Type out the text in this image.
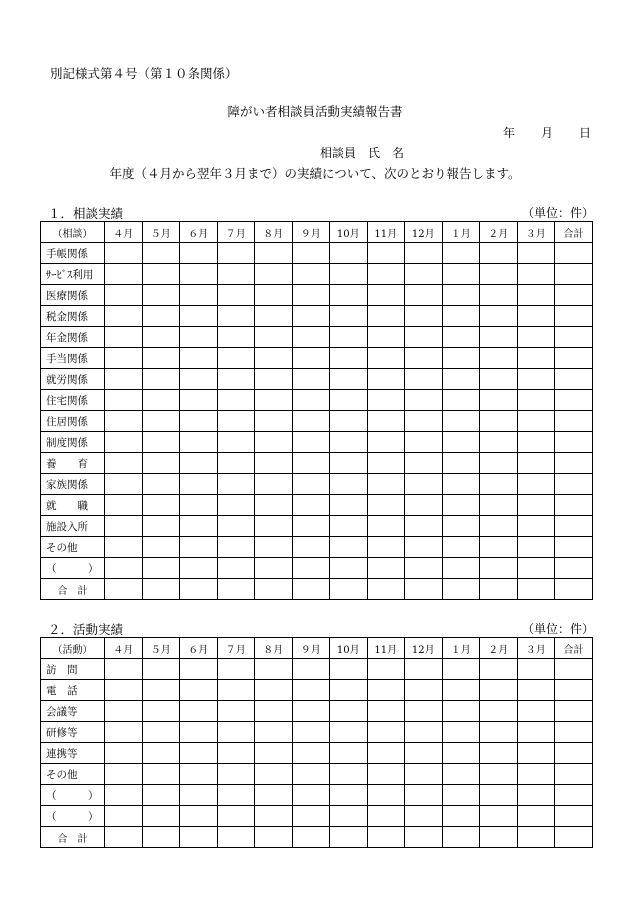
別記様式第４号（第１０条関係）
障がい者相談員活動実績報告書
年 月 日
相談員　氏　名
年度（４月から翌年３月まで）の実績について、次のとおり報告します。
１．相談実績	（単位：件）
（相談）	４月	５月	６月	７月	８月	９月	10月	11月	12月	１月	２月	３月	合計
手帳関係													
ｻｰﾋﾞｽ利用													
医療関係													
税金関係													
年金関係													
手当関係													
就労関係													
住宅関係													
住居関係													
制度関係													
養　　育													
家族関係													
就　　職													
施設入所													
その他													
（　　　）													
合　計													
２．活動実績	（単位：件）
（活動）	４月	５月	６月	７月	８月	９月	10月	11月	12月	１月	２月	３月	合計
訪　問													
電　話													
会議等													
研修等													
連携等													
その他													
（　　　）													
（　　　）													
合　計													
